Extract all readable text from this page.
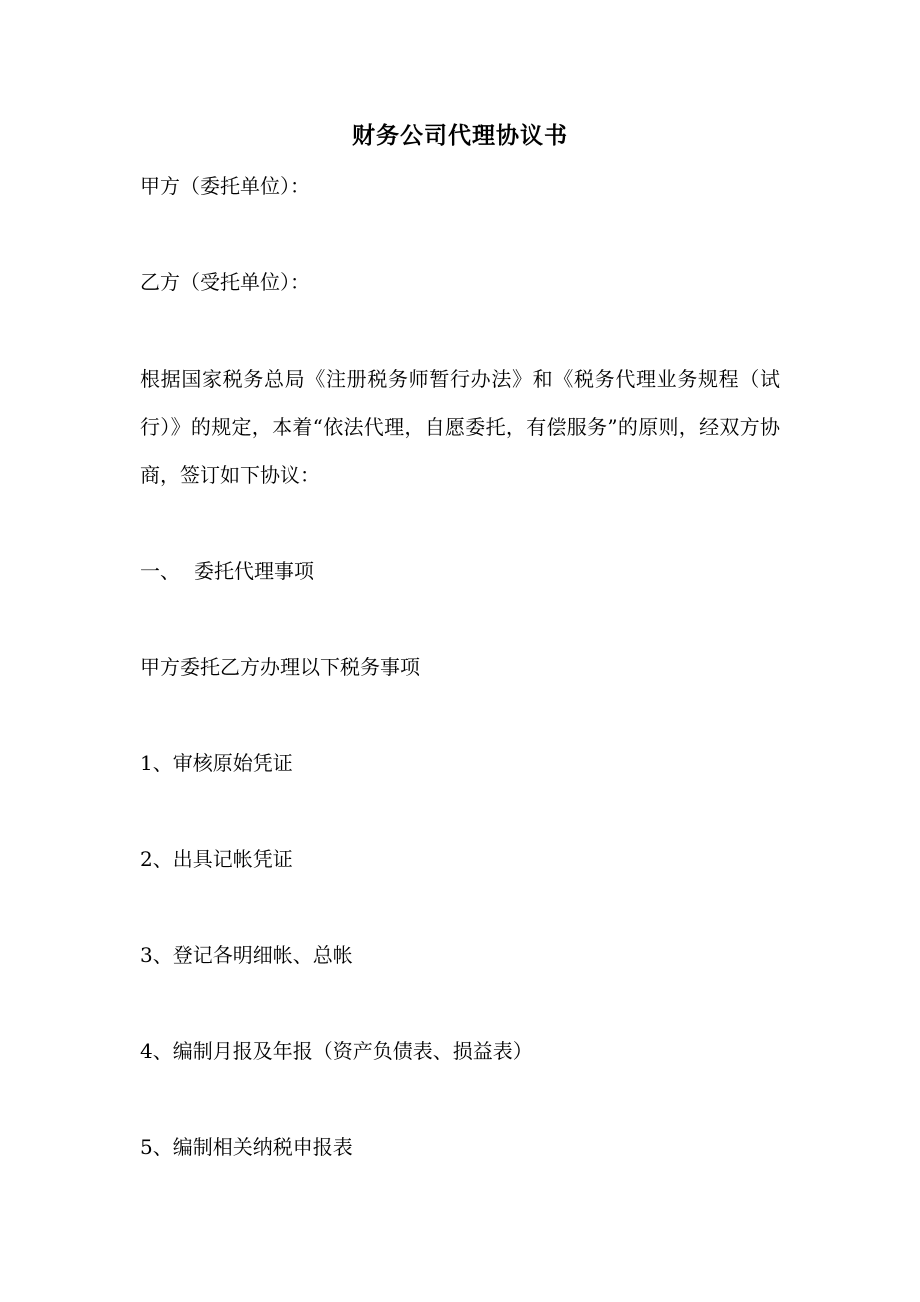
财务公司代理协议书

甲方（委托单位）：

乙方（受托单位）：

根据国家税务总局《注册税务师暂行办法》和《税务代理业务规程（试行）》的规定，本着“依法代理，自愿委托，有偿服务”的原则，经双方协商，签订如下协议：

一、 委托代理事项

甲方委托乙方办理以下税务事项

1、审核原始凭证

2、出具记帐凭证

3、登记各明细帐、总帐

4、编制月报及年报（资产负债表、损益表）

5、编制相关纳税申报表
